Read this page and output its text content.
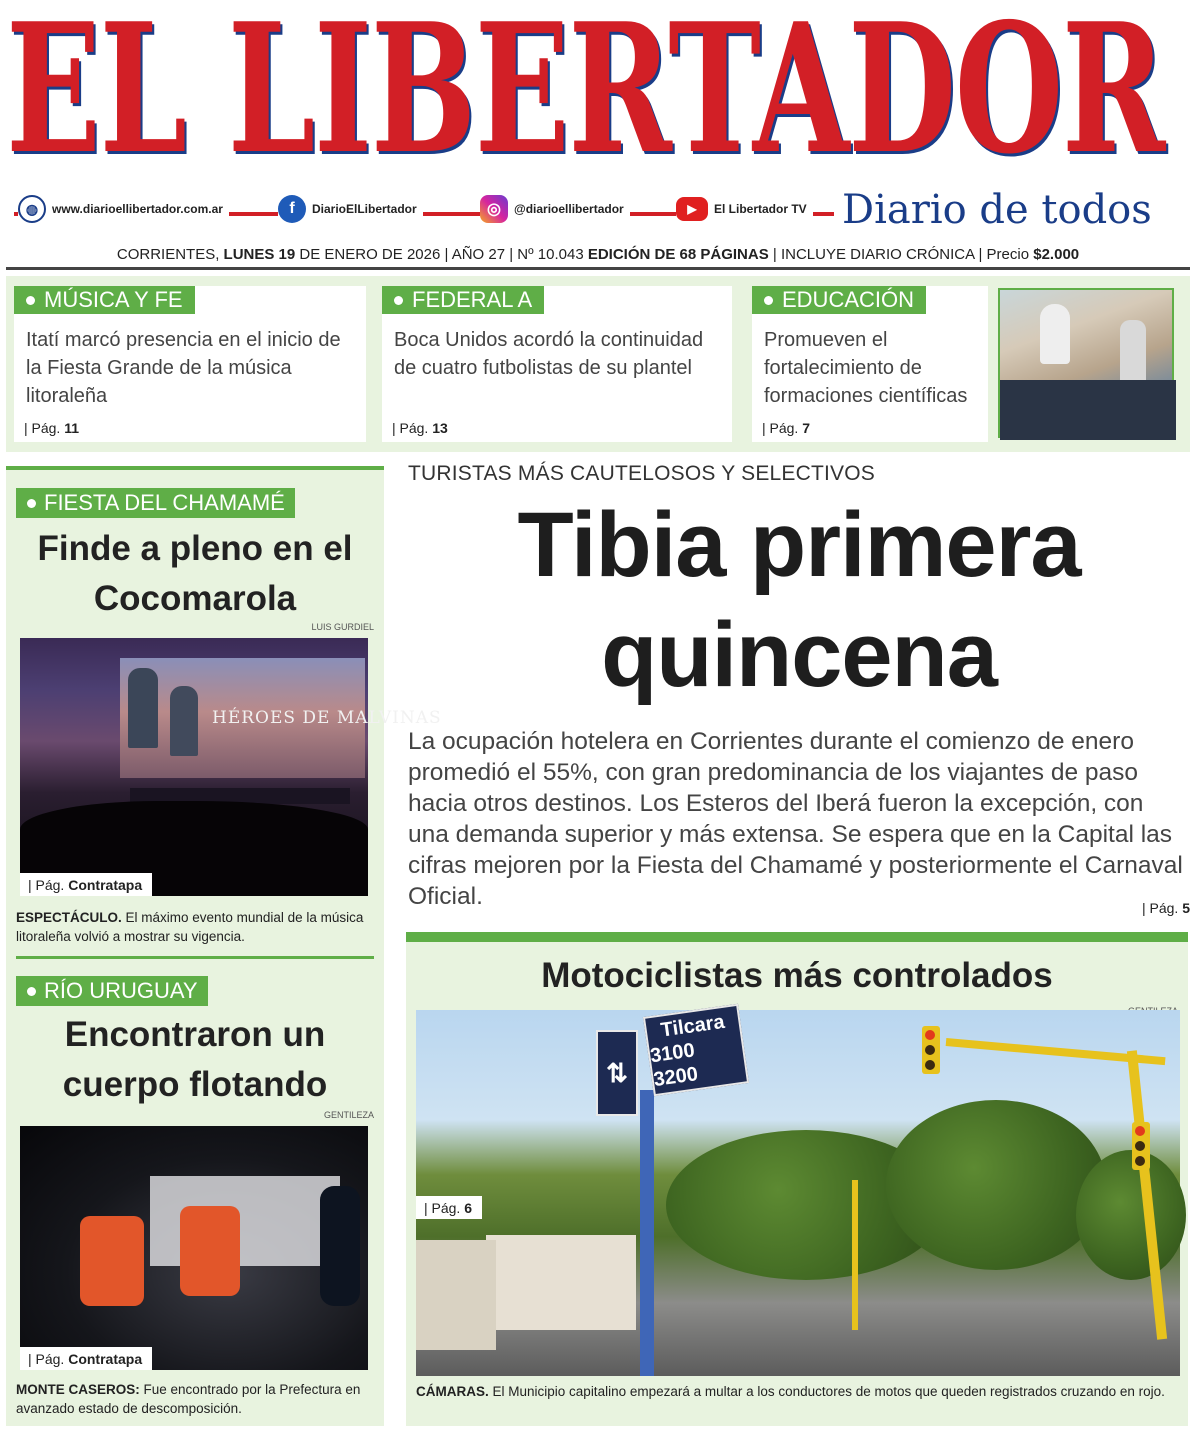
EL LIBERTADOR
◍	www.diarioellibertador.com.ar	f	DiarioElLibertador	◎	@diarioellibertador	▶	El Libertador TV Diario de todos
CORRIENTES, LUNES 19 DE ENERO DE 2026 | AÑO 27 | Nº 10.043 EDICIÓN DE 68 PÁGINAS | INCLUYE DIARIO CRÓNICA | Precio $2.000
MÚSICA Y FE
Itatí marcó presencia en el inicio de la Fiesta Grande de la música litoraleña
| Pág. 11
FEDERAL A
Boca Unidos acordó la continuidad de cuatro futbolistas de su plantel
| Pág. 13
EDUCACIÓN
Promueven el fortalecimiento de formaciones científicas
| Pág. 7
FIESTA DEL CHAMAMÉ
Finde a pleno en el Cocomarola
LUIS GURDIEL
HÉROES DE MALVINAS
| Pág. Contratapa
ESPECTÁCULO. El máximo evento mundial de la música litoraleña volvió a mostrar su vigencia.
RÍO URUGUAY
Encontraron un cuerpo flotando
GENTILEZA
| Pág. Contratapa
MONTE CASEROS: Fue encontrado por la Prefectura en avanzado estado de descomposición.
TURISTAS MÁS CAUTELOSOS Y SELECTIVOS
Tibia primera quincena

La ocupación hotelera en Corrientes durante el comienzo de enero promedió el 55%, con gran predominancia de los viajantes de paso hacia otros destinos. Los Esteros del Iberá fueron la excepción, con una demanda superior y más extensa. Se espera que en la Capital las cifras mejoren por la Fiesta del Chamamé y posteriormente el Carnaval Oficial.	| Pág. 5
Motociclistas más controlados
⇅
Tilcara
3100 3200
| Pág. 6
CÁMARAS. El Municipio capitalino empezará a multar a los conductores de motos que queden registrados cruzando en rojo.
